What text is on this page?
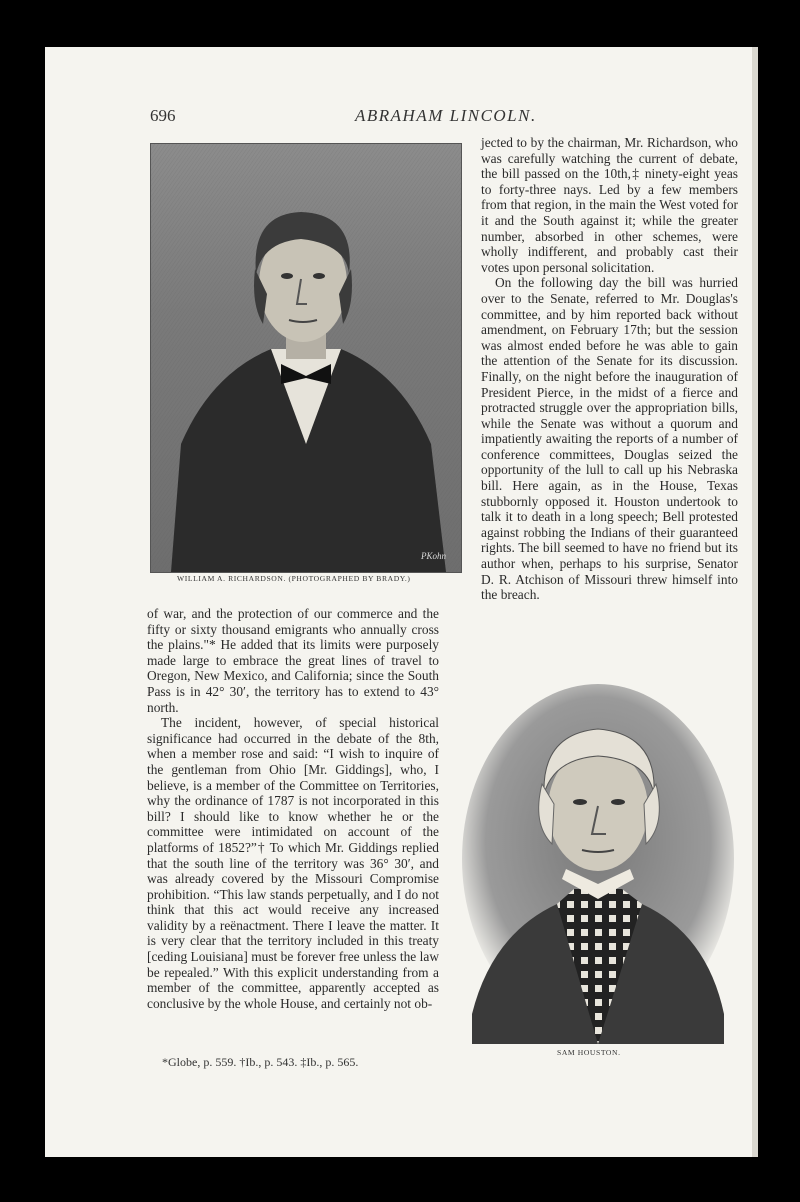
696	ABRAHAM LINCOLN.
PKohn
WILLIAM A. RICHARDSON. (PHOTOGRAPHED BY BRADY.)

jected to by the chairman, Mr. Richardson, who was carefully watching the current of debate, the bill passed on the 10th,‡ ninety-eight yeas to forty-three nays. Led by a few members from that region, in the main the West voted for it and the South against it; while the greater number, absorbed in other schemes, were wholly indifferent, and probably cast their votes upon personal solicitation.

On the following day the bill was hurried over to the Senate, referred to Mr. Douglas's committee, and by him reported back without amendment, on February 17th; but the session was almost ended before he was able to gain the attention of the Senate for its discussion. Finally, on the night before the inauguration of President Pierce, in the midst of a fierce and protracted struggle over the appropriation bills, while the Senate was without a quorum and impatiently awaiting the reports of a number of conference committees, Douglas seized the opportunity of the lull to call up his Nebraska bill. Here again, as in the House, Texas stubbornly opposed it. Houston undertook to talk it to death in a long speech; Bell protested against robbing the Indians of their guaranteed rights. The bill seemed to have no friend but its author when, perhaps to his surprise, Senator D. R. Atchison of Missouri threw himself into the breach.

of war, and the protection of our commerce and the fifty or sixty thousand emigrants who annually cross the plains."* He added that its limits were purposely made large to embrace the great lines of travel to Oregon, New Mexico, and California; since the South Pass is in 42° 30′, the territory has to extend to 43° north.

The incident, however, of special historical significance had occurred in the debate of the 8th, when a member rose and said: “I wish to inquire of the gentleman from Ohio [Mr. Giddings], who, I believe, is a member of the Committee on Territories, why the ordinance of 1787 is not incorporated in this bill? I should like to know whether he or the committee were intimidated on account of the platforms of 1852?”† To which Mr. Giddings replied that the south line of the territory was 36° 30′, and was already covered by the Missouri Compromise prohibition. “This law stands perpetually, and I do not think that this act would receive any increased validity by a reënactment. There I leave the matter. It is very clear that the territory included in this treaty [ceding Louisiana] must be forever free unless the law be repealed.” With this explicit understanding from a member of the committee, apparently accepted as conclusive by the whole House, and certainly not ob-

SAM HOUSTON.
*Globe, p. 559. †Ib., p. 543. ‡Ib., p. 565.
